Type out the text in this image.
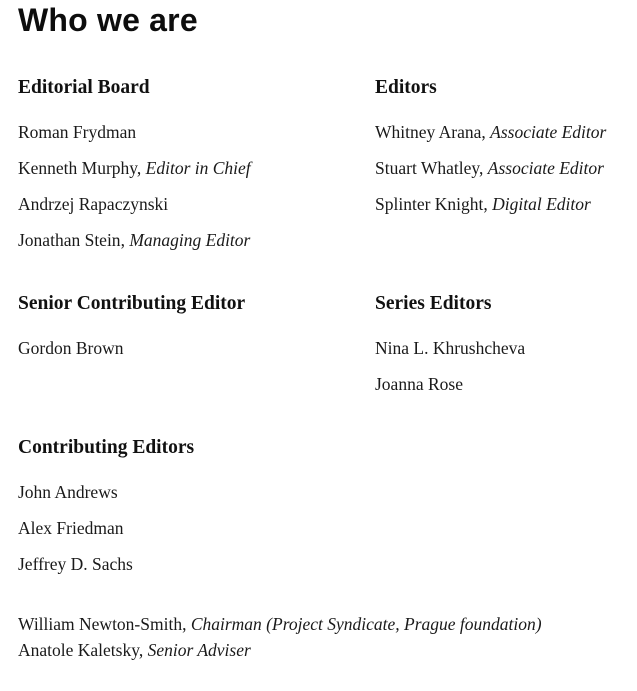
Who we are
Editorial Board
Roman Frydman
Kenneth Murphy, Editor in Chief
Andrzej Rapaczynski
Jonathan Stein, Managing Editor
Editors
Whitney Arana, Associate Editor
Stuart Whatley, Associate Editor
Splinter Knight, Digital Editor
Senior Contributing Editor
Gordon Brown
Series Editors
Nina L. Khrushcheva
Joanna Rose
Contributing Editors
John Andrews
Alex Friedman
Jeffrey D. Sachs
William Newton-Smith, Chairman (Project Syndicate, Prague foundation)
Anatole Kaletsky, Senior Adviser
